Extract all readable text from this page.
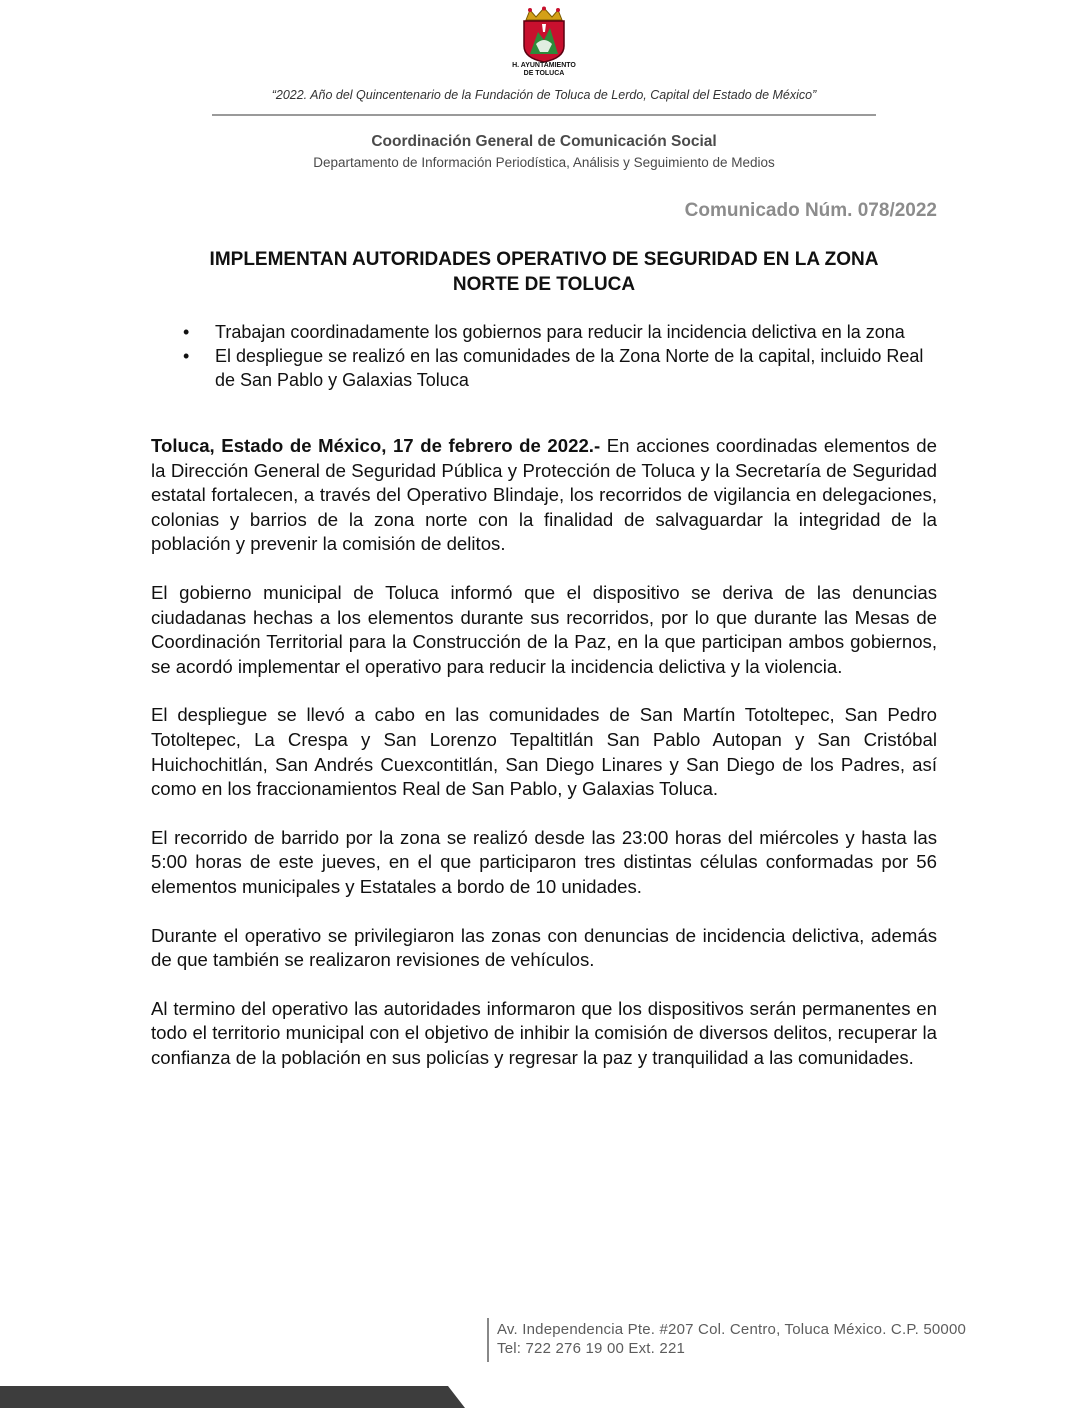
H. AYUNTAMIENTO
DE TOLUCA
“2022. Año del Quincentenario de la Fundación de Toluca de Lerdo, Capital del Estado de México”
Coordinación General de Comunicación Social
Departamento de Información Periodística, Análisis y Seguimiento de Medios
Comunicado Núm. 078/2022
IMPLEMENTAN AUTORIDADES OPERATIVO DE SEGURIDAD EN LA ZONA
NORTE DE TOLUCA
• Trabajan coordinadamente los gobiernos para reducir la incidencia delictiva en la zona
• El despliegue se realizó en las comunidades de la Zona Norte de la capital, incluido Real de San Pablo y Galaxias Toluca

Toluca, Estado de México, 17 de febrero de 2022.- En acciones coordinadas elementos de la Dirección General de Seguridad Pública y Protección de Toluca y la Secretaría de Seguridad estatal fortalecen, a través del Operativo Blindaje, los recorridos de vigilancia en delegaciones, colonias y barrios de la zona norte con la finalidad de salvaguardar la integridad de la población y prevenir la comisión de delitos.

El gobierno municipal de Toluca informó que el dispositivo se deriva de las denuncias ciudadanas hechas a los elementos durante sus recorridos, por lo que durante las Mesas de Coordinación Territorial para la Construcción de la Paz, en la que participan ambos gobiernos, se acordó implementar el operativo para reducir la incidencia delictiva y la violencia.

El despliegue se llevó a cabo en las comunidades de San Martín Totoltepec, San Pedro Totoltepec, La Crespa y San Lorenzo Tepaltitlán San Pablo Autopan y San Cristóbal Huichochitlán, San Andrés Cuexcontitlán, San Diego Linares y San Diego de los Padres, así como en los fraccionamientos Real de San Pablo, y Galaxias Toluca.

El recorrido de barrido por la zona se realizó desde las 23:00 horas del miércoles y hasta las 5:00 horas de este jueves, en el que participaron tres distintas células conformadas por 56 elementos municipales y Estatales a bordo de 10 unidades.

Durante el operativo se privilegiaron las zonas con denuncias de incidencia delictiva, además de que también se realizaron revisiones de vehículos.

Al termino del operativo las autoridades informaron que los dispositivos serán permanentes en todo el territorio municipal con el objetivo de inhibir la comisión de diversos delitos, recuperar la confianza de la población en sus policías y regresar la paz y tranquilidad a las comunidades.

Av. Independencia Pte. #207 Col. Centro, Toluca México. C.P. 50000
Tel: 722 276 19 00 Ext. 221
